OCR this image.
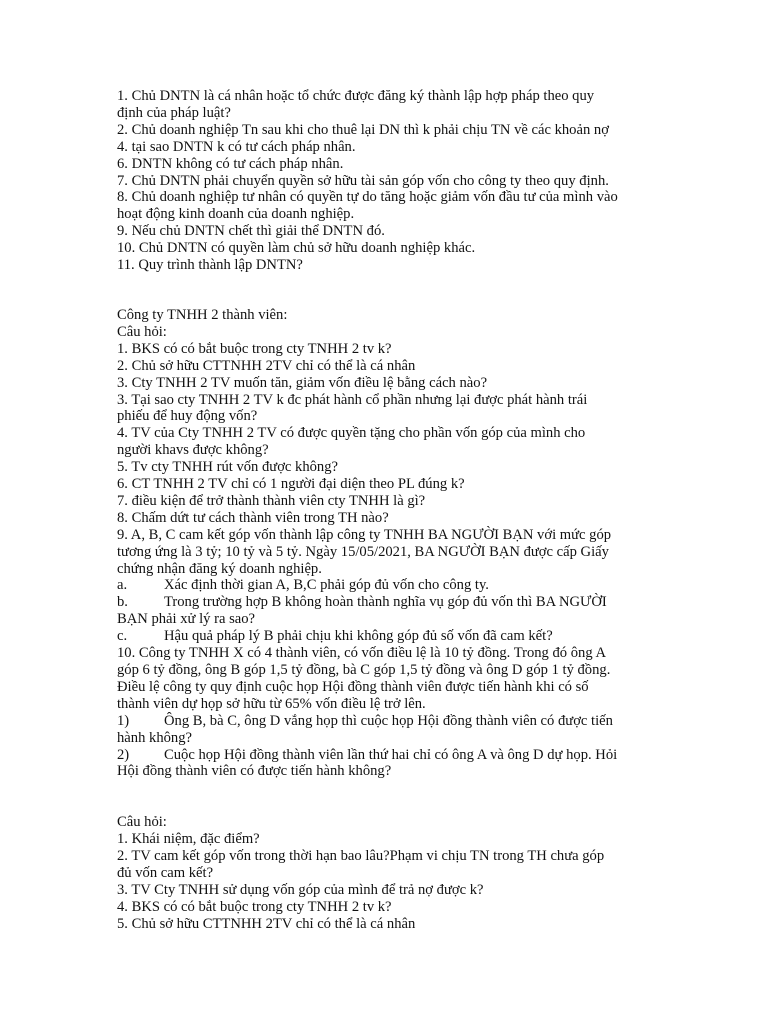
1. Chủ DNTN là cá nhân hoặc tổ chức được đăng ký thành lập hợp pháp theo quy
định của pháp luật?
2. Chủ doanh nghiệp Tn sau khi cho thuê lại DN thì k phải chịu TN về các khoản nợ
4. tại sao DNTN k có tư cách pháp nhân.
6. DNTN không có tư cách pháp nhân.
7. Chủ DNTN phải chuyển quyền sở hữu tài sản góp vốn cho công ty theo quy định.
8. Chủ doanh nghiệp tư nhân có quyền tự do tăng hoặc giảm vốn đầu tư của mình vào
hoạt động kinh doanh của doanh nghiệp.
9. Nếu chủ DNTN chết thì giải thể DNTN đó.
10. Chủ DNTN có quyền làm chủ sở hữu doanh nghiệp khác.
11. Quy trình thành lập DNTN?
Công ty TNHH 2 thành viên:
Câu hỏi:
1. BKS có có bắt buộc trong cty TNHH 2 tv k?
2. Chủ sở hữu CTTNHH 2TV chỉ có thể là cá nhân
3. Cty TNHH 2 TV muốn tăn, giảm vốn điều lệ bằng cách nào?
3. Tại sao cty TNHH 2 TV k đc phát hành cổ phần nhưng lại được phát hành trái
phiếu để huy động vốn?
4. TV của Cty TNHH 2 TV có được quyền tặng cho phần vốn góp của mình cho
người khavs được không?
5. Tv cty TNHH rút vốn được không?
6. CT TNHH 2 TV chỉ có 1 người đại diện theo PL đúng k?
7. điều kiện để trở thành thành viên cty TNHH là gì?
8. Chấm dứt tư cách thành viên trong TH nào?
9. A, B, C cam kết góp vốn thành lập công ty TNHH BA NGƯỜI BẠN với mức góp
tương ứng là 3 tỷ; 10 tỷ và 5 tỷ. Ngày 15/05/2021, BA NGƯỜI BẠN được cấp Giấy
chứng nhận đăng ký doanh nghiệp.
a.	Xác định thời gian A, B,C phải góp đủ vốn cho công ty.
b. Trong trường hợp B không hoàn thành nghĩa vụ góp đủ vốn thì BA NGƯỜI
BẠN phải xử lý ra sao?
c.	Hậu quả pháp lý B phải chịu khi không góp đủ số vốn đã cam kết?
10. Công ty TNHH X có 4 thành viên, có vốn điều lệ là 10 tỷ đồng. Trong đó ông A
góp 6 tỷ đồng, ông B góp 1,5 tỷ đồng, bà C góp 1,5 tỷ đồng và ông D góp 1 tỷ đồng.
Điều lệ công ty quy định cuộc họp Hội đồng thành viên được tiến hành khi có số
thành viên dự họp sở hữu từ 65% vốn điều lệ trở lên.
1) Ông B, bà C, ông D vắng họp thì cuộc họp Hội đồng thành viên có được tiến
hành không?
2) Cuộc họp Hội đồng thành viên lần thứ hai chỉ có ông A và ông D dự họp. Hỏi
Hội đồng thành viên có được tiến hành không?
Câu hỏi:
1. Khái niệm, đặc điểm?
2. TV cam kết góp vốn trong thời hạn bao lâu?Phạm vi chịu TN trong TH chưa góp
đủ vốn cam kết?
3. TV Cty TNHH sử dụng vốn góp của mình để trả nợ được k?
4. BKS có có bắt buộc trong cty TNHH 2 tv k?
5. Chủ sở hữu CTTNHH 2TV chỉ có thể là cá nhân
